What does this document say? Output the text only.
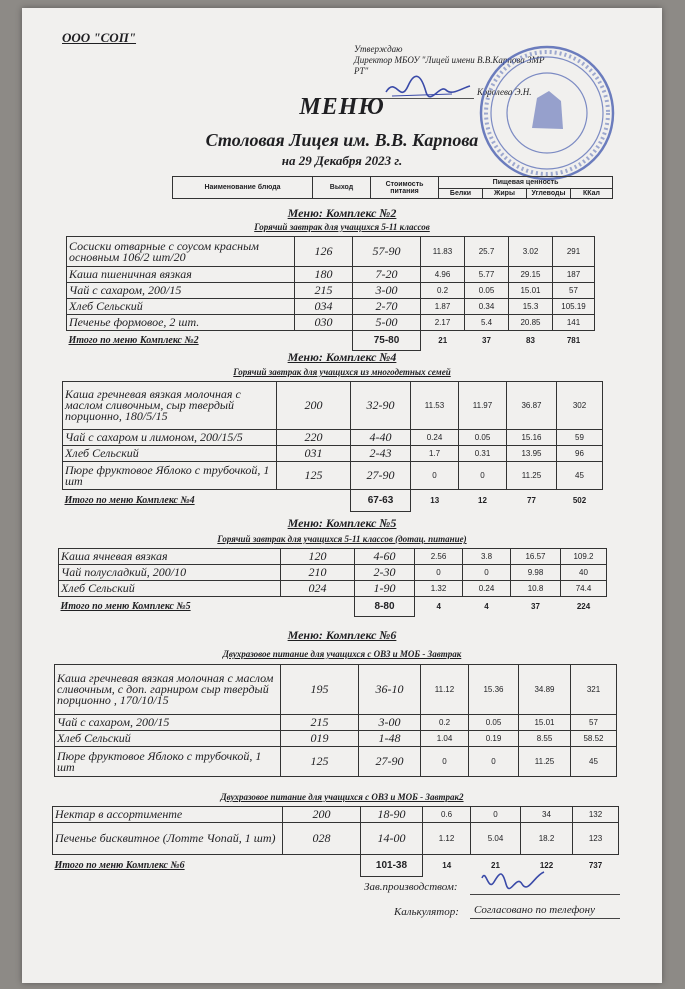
ООО "СОП"
Утверждаю
Директор МБОУ "Лицей имени В.В.Карпова ЗМР
РТ"
Королева Э.Н.
МЕНЮ
Столовая Лицея им. В.В. Карпова
на 29 Декабря 2023 г.
Наименование блюда	Выход	Стоимость питания	Пищевая ценность			
			Белки	Жиры	Углеводы	ККал
Меню: Комплекс №2
Горячий завтрак для учащихся 5-11 классов
Сосиски отварные с соусом красным основным 106/2 шт/20	126	57-90	11.83	25.7	3.02	291
Каша пшеничная вязкая	180	7-20	4.96	5.77	29.15	187
Чай с сахаром, 200/15	215	3-00	0.2	0.05	15.01	57
Хлеб Сельский	034	2-70	1.87	0.34	15.3	105.19
Печенье формовое, 2 шт.	030	5-00	2.17	5.4	20.85	141
Итого по меню Комплекс №2		75-80	21	37	83	781
Меню: Комплекс №4
Горячий завтрак для учащихся из многодетных семей
Каша гречневая вязкая молочная с маслом сливочным, сыр твердый порционно, 180/5/15	200	32-90	11.53	11.97	36.87	302
Чай с сахаром и лимоном, 200/15/5	220	4-40	0.24	0.05	15.16	59
Хлеб Сельский	031	2-43	1.7	0.31	13.95	96
Пюре фруктовое Яблоко с трубочкой, 1 шт	125	27-90	0	0	11.25	45
Итого по меню Комплекс №4		67-63	13	12	77	502
Меню: Комплекс №5
Горячий завтрак для учащихся 5-11 классов (дотац. питание)
Каша ячневая вязкая	120	4-60	2.56	3.8	16.57	109.2
Чай полусладкий, 200/10	210	2-30	0	0	9.98	40
Хлеб Сельский	024	1-90	1.32	0.24	10.8	74.4
Итого по меню Комплекс №5		8-80	4	4	37	224
Меню: Комплекс №6
Двухразовое питание для учащихся с ОВЗ и МОБ - Завтрак
Каша гречневая вязкая молочная с маслом сливочным, с доп. гарниром сыр твердый порционно , 170/10/15	195	36-10	11.12	15.36	34.89	321
Чай с сахаром, 200/15	215	3-00	0.2	0.05	15.01	57
Хлеб Сельский	019	1-48	1.04	0.19	8.55	58.52
Пюре фруктовое Яблоко с трубочкой, 1 шт	125	27-90	0	0	11.25	45
Двухразовое питание для учащихся с ОВЗ и МОБ - Завтрак2
Нектар в ассортименте	200	18-90	0.6	0	34	132
Печенье бисквитное (Лотте Чопай, 1 шт)	028	14-00	1.12	5.04	18.2	123
Итого по меню Комплекс №6		101-38	14	21	122	737
Зав.производством:
Калькулятор: Согласовано по телефону
